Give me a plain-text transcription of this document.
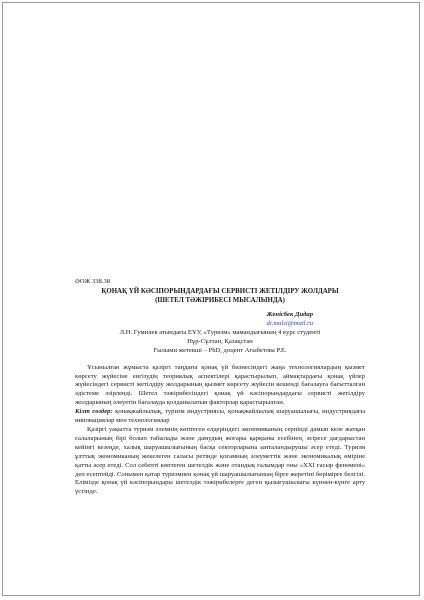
ӘОЖ 338.38

ҚОНАҚ ҮЙ КӘСІПОРЫНДАРДАҒЫ СЕРВИСТІ ЖЕТІЛДІРУ ЖОЛДАРЫ

(ШЕТЕЛ ТӘЖІРИБЕСІ МЫСАЛЫНДА)

Женісбек Дидар

di.malsi@mail.ru

Л.Н. Гумилев атындағы ЕҰУ, «Туризм» мамандығының 4 курс студенті

Нұр-Сұлтан, Қазақстан

Ғылыми жетекші – PhD, доцент Агыбетова Р.Е.

Ұсынылған жұмыста қазіргі таңдағы қонақ үй бизнесіндегі жаңа технологиялардың қызмет көрсету жүйесіне енгізудің теориялық аспектілері қарастырылып, аймақтардағы қонақ үйлер жүйесіндегі сервисті жетілдіру жолдарының қызмет көрсету жүйесін кешенді бағалауға бағытталған әдістеме әзірленді. Шетел тәжірибесіндегі қонақ үй кәсіпорындардағы сервисті жетілдіру жолдарының әлеуетін бағалауда қолданылатын факторлар қарастырылған.

Кілт сөздер: қонақжайлылық, туризм индустриясы, қонақжайлылық шаруашылығы, индустриядағы инновациялар мен технологиялар

Қазіргі уақытта туризм әлемнің көптеген елдеріндегі экономиканың серпінді дамып келе жатқан салаларының бірі болып табылады және дамудың жоғары қарқыны есебінен, әсіресе дағдарыстан кейінгі кезеңде, халық шаруашылығының басқа секторларына ынталандырушы әсер етеді. Туризм ұлттық экономиканың жекелеген саласы ретінде қоғамның әлеуметтік және экономикалық өміріне қатты әсер етеді. Сол себепті көптеген шетелдік және отандық ғалымдар оны «XXI ғасыр феномені» деп есептейді. Сонымен қатар туризмнен қонақ үй шаруашылығының бірге жеретіні бөрімірге белгілі. Елімізде қонақ үй кәсіпорындары шетелдік тәжірибелерге деген қызығушылығы күннен-күнге арту үстінде.
